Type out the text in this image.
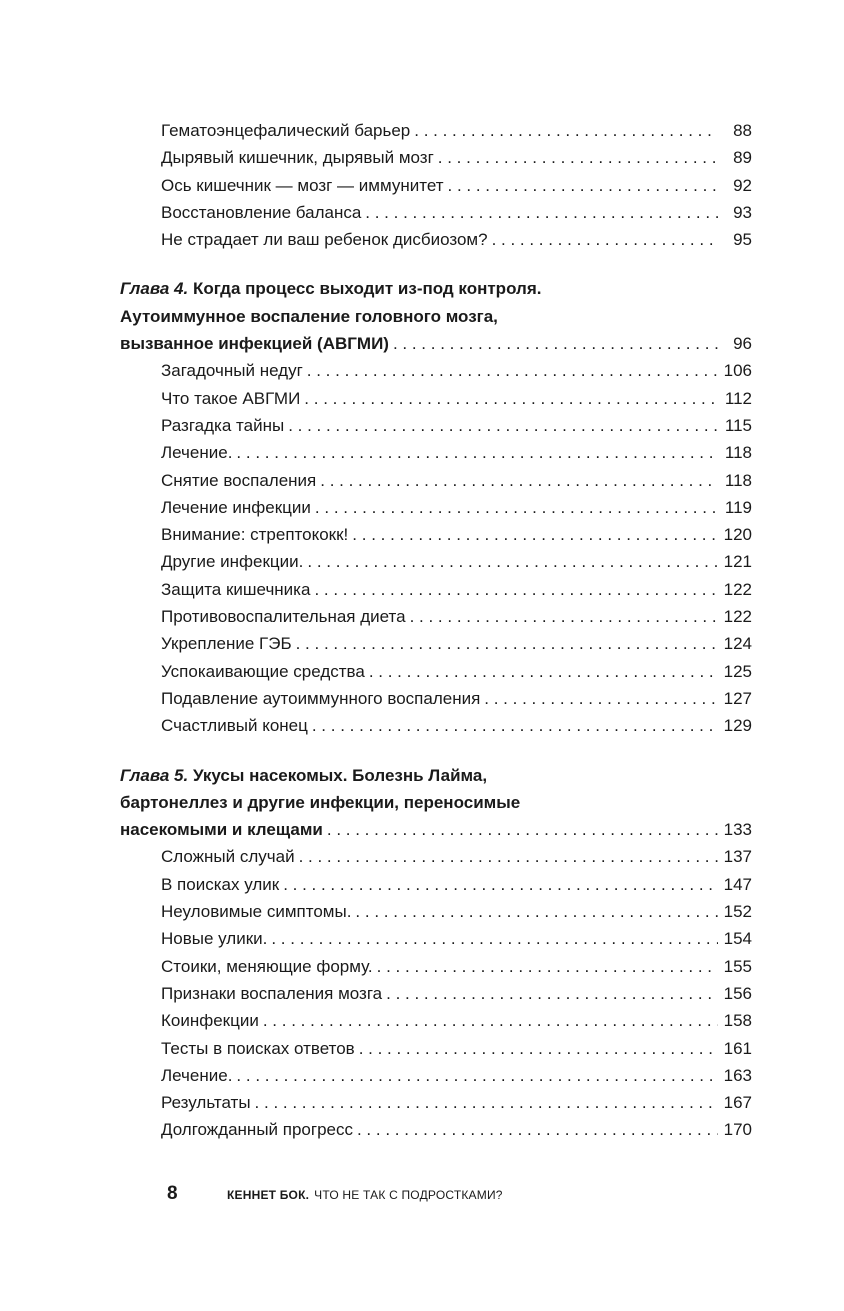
Гематоэнцефалический барьер . . .	88
Дырявый кишечник, дырявый мозг . . .	89
Ось кишечник — мозг — иммунитет . . .	92
Восстановление баланса . . .	93
Не страдает ли ваш ребенок дисбиозом? . . .	95
Глава 4. Когда процесс выходит из-под контроля.
Аутоиммунное воспаление головного мозга,
вызванное инфекцией (АВГМИ) . . .	96
Загадочный недуг . . .	106
Что такое АВГМИ . . .	112
Разгадка тайны . . .	115
Лечение. . . .	118
Снятие воспаления . . .	118
Лечение инфекции . . .	119
Внимание: стрептококк! . . .	120
Другие инфекции. . . .	121
Защита кишечника . . .	122
Противовоспалительная диета . . .	122
Укрепление ГЭБ . . .	124
Успокаивающие средства . . .	125
Подавление аутоиммунного воспаления . . .	127
Счастливый конец . . .	129
Глава 5. Укусы насекомых. Болезнь Лайма,
бартонеллез и другие инфекции, переносимые
насекомыми и клещами . . .	133
Сложный случай . . .	137
В поисках улик . . .	147
Неуловимые симптомы. . . .	152
Новые улики. . . .	154
Стоики, меняющие форму. . . .	155
Признаки воспаления мозга . . .	156
Коинфекции . . .	158
Тесты в поисках ответов . . .	161
Лечение. . . .	163
Результаты . . .	167
Долгожданный прогресс . . .	170
8	КЕННЕТ БОК. ЧТО НЕ ТАК С ПОДРОСТКАМИ?
